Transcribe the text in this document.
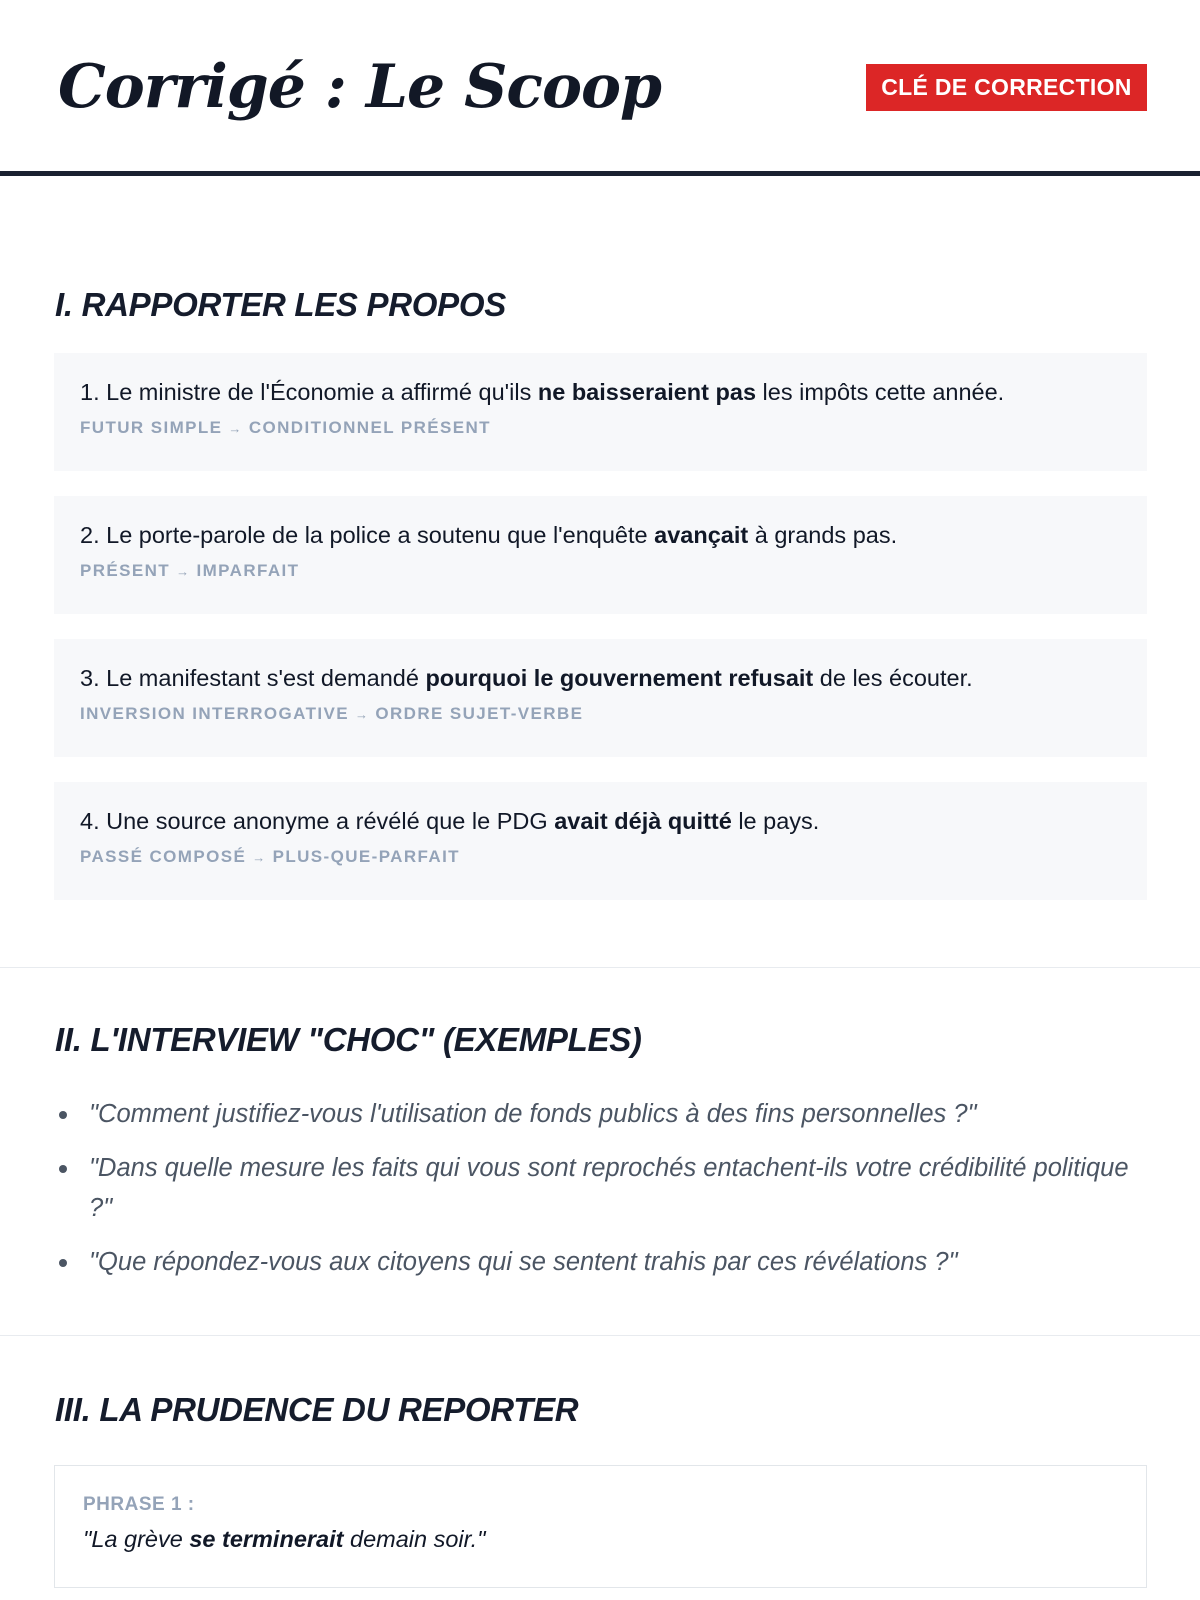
Corrigé : Le Scoop	CLÉ DE CORRECTION
I. RAPPORTER LES PROPOS
1. Le ministre de l'Économie a affirmé qu'ils ne baisseraient pas les impôts cette année.
FUTUR SIMPLE → CONDITIONNEL PRÉSENT
2. Le porte-parole de la police a soutenu que l'enquête avançait à grands pas.
PRÉSENT → IMPARFAIT
3. Le manifestant s'est demandé pourquoi le gouvernement refusait de les écouter.
INVERSION INTERROGATIVE → ORDRE SUJET-VERBE
4. Une source anonyme a révélé que le PDG avait déjà quitté le pays.
PASSÉ COMPOSÉ → PLUS-QUE-PARFAIT
II. L'INTERVIEW "CHOC" (EXEMPLES)
"Comment justifiez-vous l'utilisation de fonds publics à des fins personnelles ?"
"Dans quelle mesure les faits qui vous sont reprochés entachent-ils votre crédibilité politique ?"
"Que répondez-vous aux citoyens qui se sentent trahis par ces révélations ?"
III. LA PRUDENCE DU REPORTER
PHRASE 1 :
"La grève se terminerait demain soir."
